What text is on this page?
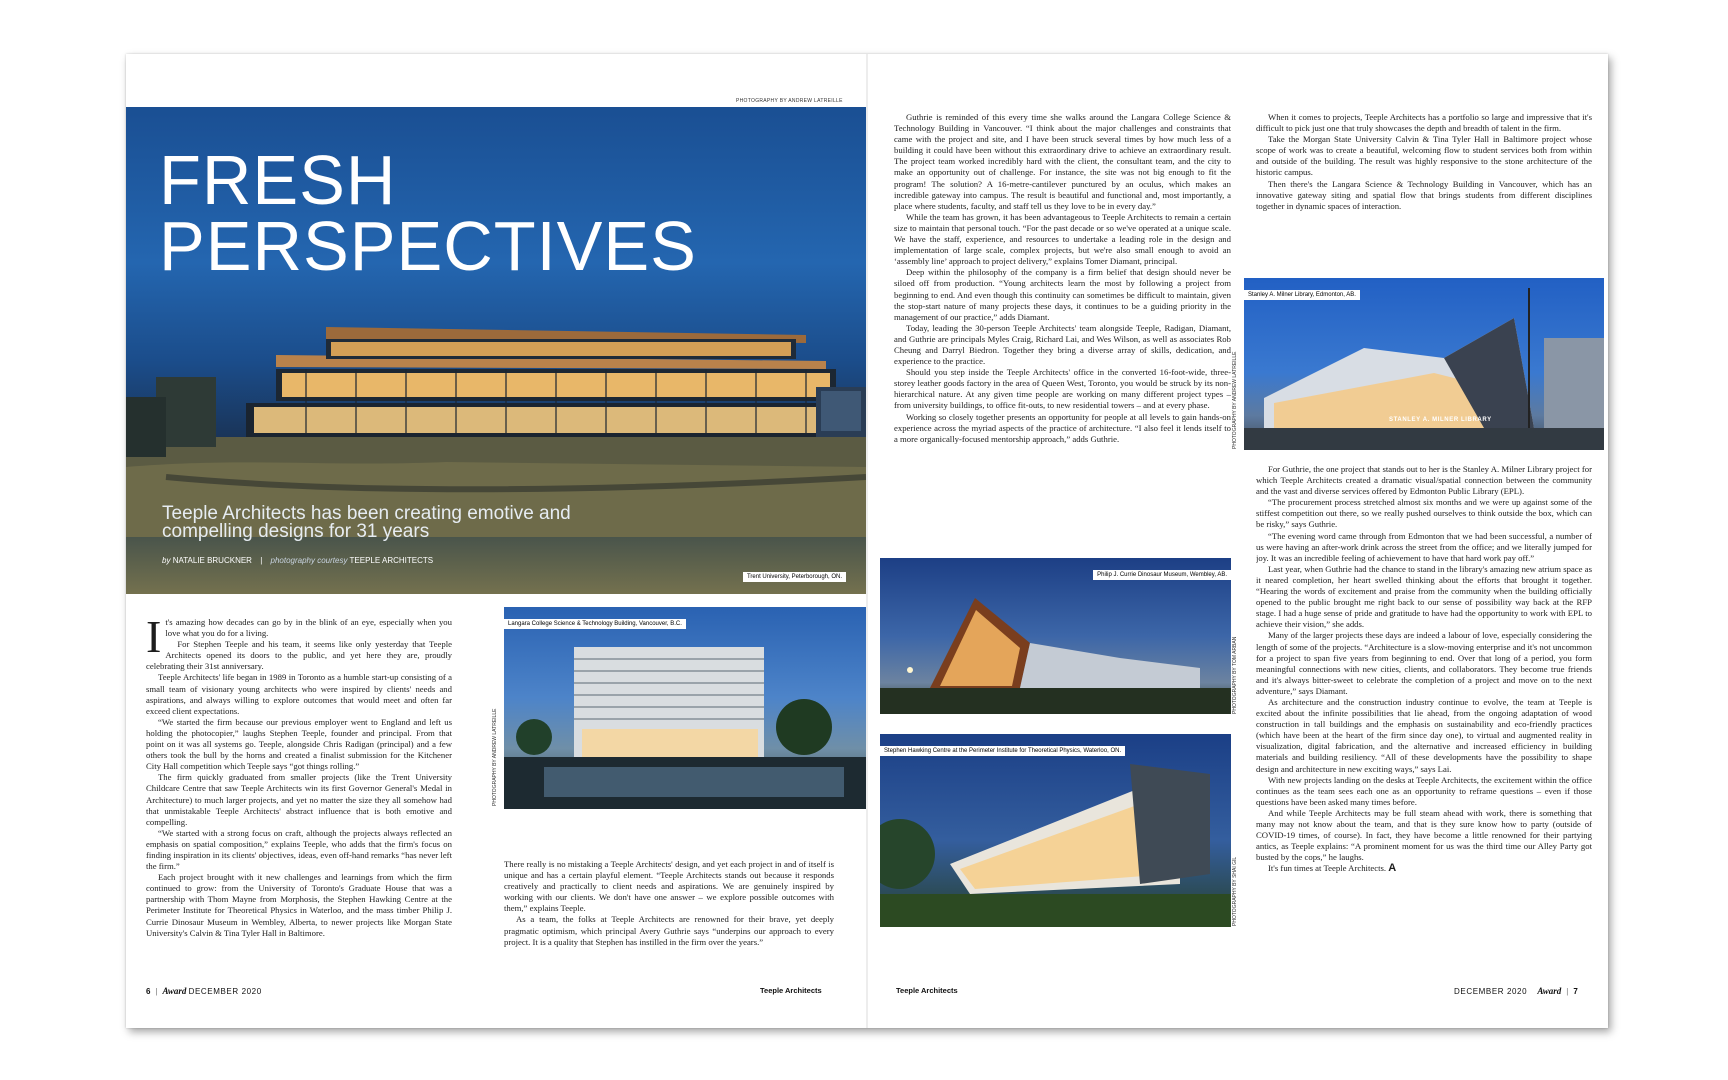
PHOTOGRAPHY BY ANDREW LATREILLE
FRESH
PERSPECTIVES
Teeple Architects has been creating emotive and compelling designs for 31 years
by NATALIE BRUCKNER | photography courtesy TEEPLE ARCHITECTS
Trent University, Peterborough, ON.

It's amazing how decades can go by in the blink of an eye, especially when you love what you do for a living.

For Stephen Teeple and his team, it seems like only yesterday that Teeple Architects opened its doors to the public, and yet here they are, proudly celebrating their 31st anniversary.

Teeple Architects' life began in 1989 in Toronto as a humble start-up consisting of a small team of visionary young architects who were inspired by clients' needs and aspirations, and always willing to explore outcomes that would meet and often far exceed client expectations.

“We started the firm because our previous employer went to England and left us holding the photocopier,” laughs Stephen Teeple, founder and principal. From that point on it was all systems go. Teeple, alongside Chris Radigan (principal) and a few others took the bull by the horns and created a finalist submission for the Kitchener City Hall competition which Teeple says “got things rolling.”

The firm quickly graduated from smaller projects (like the Trent University Childcare Centre that saw Teeple Architects win its first Governor General's Medal in Architecture) to much larger projects, and yet no matter the size they all somehow had that unmistakable Teeple Architects' abstract influence that is both emotive and compelling.

“We started with a strong focus on craft, although the projects always reflected an emphasis on spatial composition,” explains Teeple, who adds that the firm's focus on finding inspiration in its clients' objectives, ideas, even off-hand remarks “has never left the firm.”

Each project brought with it new challenges and learnings from which the firm continued to grow: from the University of Toronto's Graduate House that was a partnership with Thom Mayne from Morphosis, the Stephen Hawking Centre at the Perimeter Institute for Theoretical Physics in Waterloo, and the mass timber Philip J. Currie Dinosaur Museum in Wembley, Alberta, to newer projects like Morgan State University's Calvin & Tina Tyler Hall in Baltimore.

Langara College Science & Technology Building, Vancouver, B.C.
PHOTOGRAPHY BY ANDREW LATREILLE

There really is no mistaking a Teeple Architects' design, and yet each project in and of itself is unique and has a certain playful element. “Teeple Architects stands out because it responds creatively and practically to client needs and aspirations. We are genuinely inspired by working with our clients. We don't have one answer – we explore possible outcomes with them,” explains Teeple.

As a team, the folks at Teeple Architects are renowned for their brave, yet deeply pragmatic optimism, which principal Avery Guthrie says “underpins our approach to every project. It is a quality that Stephen has instilled in the firm over the years.”

Guthrie is reminded of this every time she walks around the Langara College Science & Technology Building in Vancouver. “I think about the major challenges and constraints that came with the project and site, and I have been struck several times by how much less of a building it could have been without this extraordinary drive to achieve an extraordinary result. The project team worked incredibly hard with the client, the consultant team, and the city to make an opportunity out of challenge. For instance, the site was not big enough to fit the program! The solution? A 16-metre-cantilever punctured by an oculus, which makes an incredible gateway into campus. The result is beautiful and functional and, most importantly, a place where students, faculty, and staff tell us they love to be in every day.”

While the team has grown, it has been advantageous to Teeple Architects to remain a certain size to maintain that personal touch. “For the past decade or so we've operated at a unique scale. We have the staff, experience, and resources to undertake a leading role in the design and implementation of large scale, complex projects, but we're also small enough to avoid an ‘assembly line’ approach to project delivery,” explains Tomer Diamant, principal.

Deep within the philosophy of the company is a firm belief that design should never be siloed off from production. “Young architects learn the most by following a project from beginning to end. And even though this continuity can sometimes be difficult to maintain, given the stop-start nature of many projects these days, it continues to be a guiding priority in the management of our practice,” adds Diamant.

Today, leading the 30-person Teeple Architects' team alongside Teeple, Radigan, Diamant, and Guthrie are principals Myles Craig, Richard Lai, and Wes Wilson, as well as associates Rob Cheung and Darryl Biedron. Together they bring a diverse array of skills, dedication, and experience to the practice.

Should you step inside the Teeple Architects' office in the converted 16-foot-wide, three-storey leather goods factory in the area of Queen West, Toronto, you would be struck by its non-hierarchical nature. At any given time people are working on many different project types – from university buildings, to office fit-outs, to new residential towers – and at every phase.

Working so closely together presents an opportunity for people at all levels to gain hands-on experience across the myriad aspects of the practice of architecture. “I also feel it lends itself to a more organically-focused mentorship approach,” adds Guthrie.

Philip J. Currie Dinosaur Museum, Wembley, AB.
PHOTOGRAPHY BY TOM ARBAN
Stephen Hawking Centre at the Perimeter Institute for Theoretical Physics, Waterloo, ON.
PHOTOGRAPHY BY SHAI GIL

When it comes to projects, Teeple Architects has a portfolio so large and impressive that it's difficult to pick just one that truly showcases the depth and breadth of talent in the firm.

Take the Morgan State University Calvin & Tina Tyler Hall in Baltimore project whose scope of work was to create a beautiful, welcoming flow to student services both from within and outside of the building. The result was highly responsive to the stone architecture of the historic campus.

Then there's the Langara Science & Technology Building in Vancouver, which has an innovative gateway siting and spatial flow that brings students from different disciplines together in dynamic spaces of interaction.

Stanley A. Milner Library, Edmonton, AB.
STANLEY A. MILNER LIBRARY
PHOTOGRAPHY BY ANDREW LATREILLE

For Guthrie, the one project that stands out to her is the Stanley A. Milner Library project for which Teeple Architects created a dramatic visual/spatial connection between the community and the vast and diverse services offered by Edmonton Public Library (EPL).

“The procurement process stretched almost six months and we were up against some of the stiffest competition out there, so we really pushed ourselves to think outside the box, which can be risky,” says Guthrie.

“The evening word came through from Edmonton that we had been successful, a number of us were having an after-work drink across the street from the office; and we literally jumped for joy. It was an incredible feeling of achievement to have that hard work pay off.”

Last year, when Guthrie had the chance to stand in the library's amazing new atrium space as it neared completion, her heart swelled thinking about the efforts that brought it together. “Hearing the words of excitement and praise from the community when the building officially opened to the public brought me right back to our sense of possibility way back at the RFP stage. I had a huge sense of pride and gratitude to have had the opportunity to work with EPL to achieve their vision,” she adds.

Many of the larger projects these days are indeed a labour of love, especially considering the length of some of the projects. “Architecture is a slow-moving enterprise and it's not uncommon for a project to span five years from beginning to end. Over that long of a period, you form meaningful connections with new cities, clients, and collaborators. They become true friends and it's always bitter-sweet to celebrate the completion of a project and move on to the next adventure,” says Diamant.

As architecture and the construction industry continue to evolve, the team at Teeple is excited about the infinite possibilities that lie ahead, from the ongoing adaptation of wood construction in tall buildings and the emphasis on sustainability and eco-friendly practices (which have been at the heart of the firm since day one), to virtual and augmented reality in visualization, digital fabrication, and the alternative and increased efficiency in building materials and building resiliency. “All of these developments have the possibility to shape design and architecture in new exciting ways,” says Lai.

With new projects landing on the desks at Teeple Architects, the excitement within the office continues as the team sees each one as an opportunity to reframe questions – even if those questions have been asked many times before.

And while Teeple Architects may be full steam ahead with work, there is something that many may not know about the team, and that is they sure know how to party (outside of COVID-19 times, of course). In fact, they have become a little renowned for their partying antics, as Teeple explains: “A prominent moment for us was the third time our Alley Party got busted by the cops,” he laughs.

It's fun times at Teeple Architects. A

6 | Award DECEMBER 2020	Teeple Architects	Teeple Architects	DECEMBER 2020 Award | 7
